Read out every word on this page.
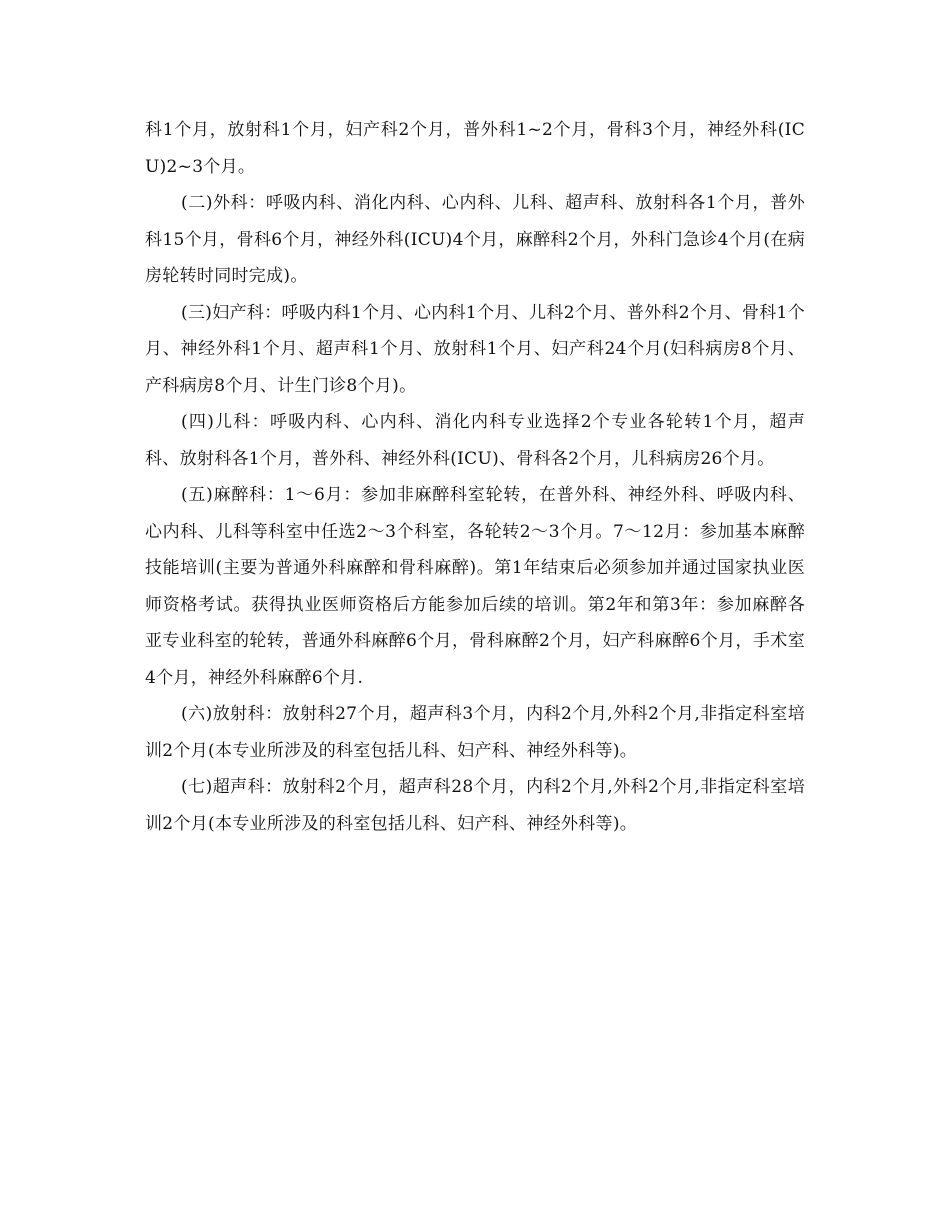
科1个月，放射科1个月，妇产科2个月，普外科1~2个月，骨科3个月，神经外科(ICU)2~3个月。

(二)外科：呼吸内科、消化内科、心内科、儿科、超声科、放射科各1个月，普外科15个月，骨科6个月，神经外科(ICU)4个月，麻醉科2个月，外科门急诊4个月(在病房轮转时同时完成)。

(三)妇产科：呼吸内科1个月、心内科1个月、儿科2个月、普外科2个月、骨科1个月、神经外科1个月、超声科1个月、放射科1个月、妇产科24个月(妇科病房8个月、产科病房8个月、计生门诊8个月)。

(四)儿科：呼吸内科、心内科、消化内科专业选择2个专业各轮转1个月，超声科、放射科各1个月，普外科、神经外科(ICU)、骨科各2个月，儿科病房26个月。

(五)麻醉科：1～6月：参加非麻醉科室轮转，在普外科、神经外科、呼吸内科、心内科、儿科等科室中任选2～3个科室，各轮转2～3个月。7～12月：参加基本麻醉技能培训(主要为普通外科麻醉和骨科麻醉)。第1年结束后必须参加并通过国家执业医师资格考试。获得执业医师资格后方能参加后续的培训。第2年和第3年：参加麻醉各亚专业科室的轮转，普通外科麻醉6个月，骨科麻醉2个月，妇产科麻醉6个月，手术室4个月，神经外科麻醉6个月.

(六)放射科：放射科27个月，超声科3个月，内科2个月,外科2个月,非指定科室培训2个月(本专业所涉及的科室包括儿科、妇产科、神经外科等)。

(七)超声科：放射科2个月，超声科28个月，内科2个月,外科2个月,非指定科室培训2个月(本专业所涉及的科室包括儿科、妇产科、神经外科等)。
